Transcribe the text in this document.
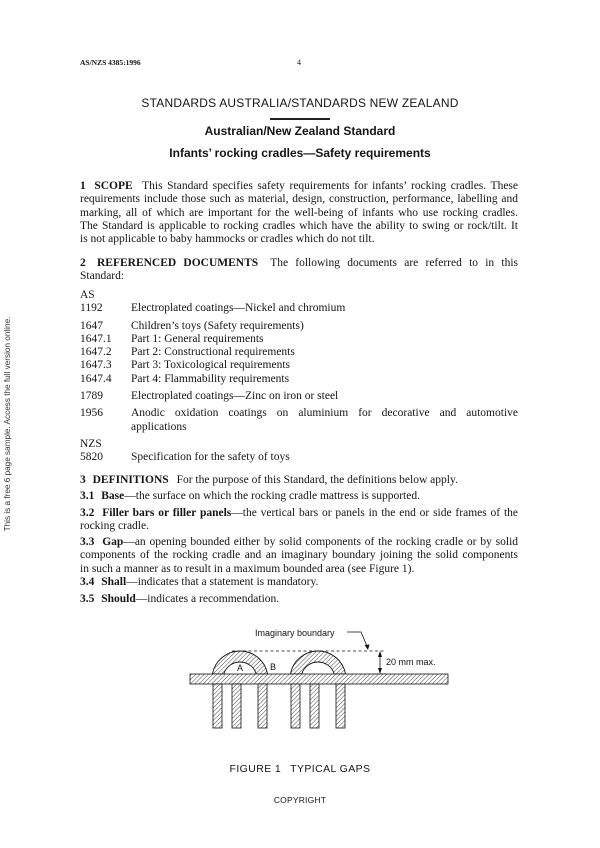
AS/NZS 4385:1996	4
STANDARDS AUSTRALIA/STANDARDS NEW ZEALAND
Australian/New Zealand Standard
Infants’ rocking cradles—Safety requirements
1 SCOPE This Standard specifies safety requirements for infants’ rocking cradles. These
requirements include those such as material, design, construction, performance, labelling and
marking, all of which are important for the well-being of infants who use rocking cradles.
The Standard is applicable to rocking cradles which have the ability to swing or rock/tilt. It
is not applicable to baby hammocks or cradles which do not tilt.
2 REFERENCED DOCUMENTS The following documents are referred to in this
Standard:
AS
1192	Electroplated coatings—Nickel and chromium
1647	Children’s toys (Safety requirements)
1647.1	Part 1: General requirements
1647.2	Part 2: Constructional requirements
1647.3	Part 3: Toxicological requirements
1647.4	Part 4: Flammability requirements
1789	Electroplated coatings—Zinc on iron or steel
1956	Anodic oxidation coatings on aluminium for decorative and automotive
applications
NZS
5820	Specification for the safety of toys
3 DEFINITIONS For the purpose of this Standard, the definitions below apply.
3.1 Base—the surface on which the rocking cradle mattress is supported.
3.2 Filler bars or filler panels—the vertical bars or panels in the end or side frames of the
rocking cradle.
3.3 Gap—an opening bounded either by solid components of the rocking cradle or by solid
components of the rocking cradle and an imaginary boundary joining the solid components
in such a manner as to result in a maximum bounded area (see Figure 1).
3.4 Shall—indicates that a statement is mandatory.
3.5 Should—indicates a recommendation.
Imaginary boundary
20 mm max.
A	B
FIGURE 1 TYPICAL GAPS
COPYRIGHT
This is a free 6 page sample. Access the full version online.
